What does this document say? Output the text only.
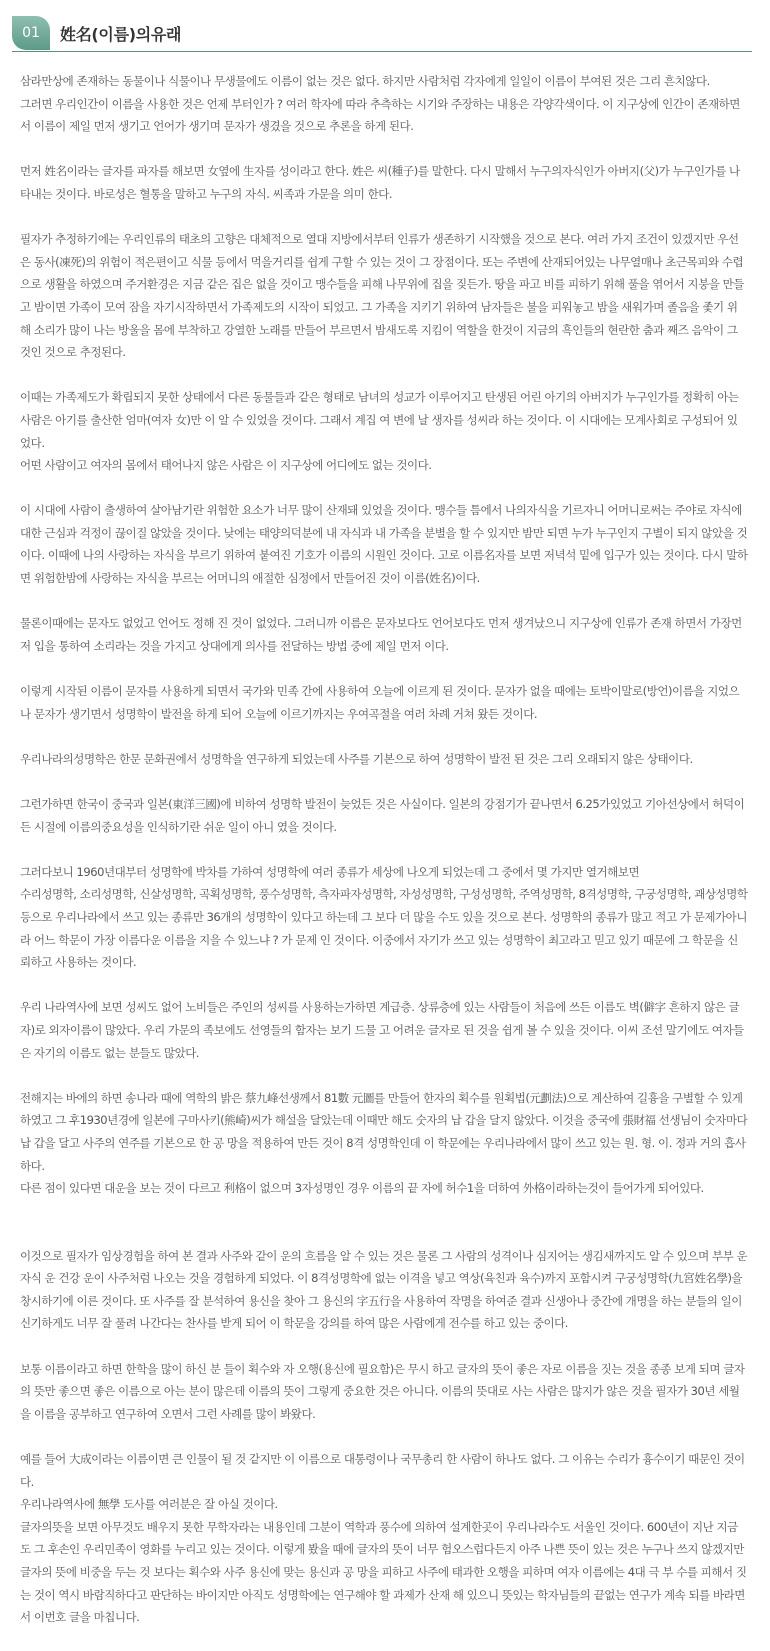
01	姓名(이름)의유래

삼라만상에 존재하는 동물이나 식물이나 무생물에도 이름이 없는 것은 없다. 하지만 사람처럼 각자에게 일일이 이름이 부여된 것은 그리 흔치않다.
그러면 우리인간이 이름을 사용한 것은 언제 부터인가 ? 여러 학자에 따라 추측하는 시기와 주장하는 내용은 각양각색이다. 이 지구상에 인간이 존재하면서 이름이 제일 먼저 생기고 언어가 생기며 문자가 생겼을 것으로 추론을 하게 된다.

먼저 姓名이라는 글자를 파자를 해보면 女옆에 生자를 성이라고 한다. 姓은 씨(種子)를 말한다. 다시 말해서 누구의자식인가 아버지(父)가 누구인가를 나타내는 것이다. 바로성은 혈통을 말하고 누구의 자식. 씨족과 가문을 의미 한다.

필자가 추정하기에는 우리인류의 태초의 고향은 대체적으로 열대 지방에서부터 인류가 생존하기 시작했을 것으로 본다. 여러 가지 조건이 있겠지만 우선은 동사(凍死)의 위험이 적은편이고 식물 등에서 먹을거리를 쉽게 구할 수 있는 것이 그 장점이다. 또는 주변에 산재되어있는 나무열매나 초근목피와 수렵으로 생활을 하였으며 주거환경은 지금 같은 집은 없을 것이고 맹수들을 피해 나무위에 집을 짖든가. 땅을 파고 비를 피하기 위해 풀을 엮어서 지붕을 만들고 밤이면 가족이 모여 잠을 자기시작하면서 가족제도의 시작이 되었고. 그 가족을 지키기 위하여 남자들은 불을 피워놓고 밤을 새워가며 졸음을 좇기 위해 소리가 많이 나는 방울을 몸에 부착하고 강열한 노래를 만들어 부르면서 밤새도록 지킴이 역할을 한것이 지금의 흑인들의 현란한 춤과 째즈 음악이 그것인 것으로 추정된다.

이때는 가족제도가 확립되지 못한 상태에서 다른 동물들과 같은 형태로 남녀의 성교가 이루어지고 탄생된 어린 아기의 아버지가 누구인가를 정확히 아는 사람은 아기를 출산한 엄마(여자 女)만 이 알 수 있었을 것이다. 그래서 계집 여 변에 날 생자를 성씨라 하는 것이다. 이 시대에는 모계사회로 구성되어 있었다.
어떤 사람이고 여자의 몸에서 태어나지 않은 사람은 이 지구상에 어디에도 없는 것이다.

이 시대에 사람이 출생하여 살아남기란 위험한 요소가 너무 많이 산재돼 있었을 것이다. 맹수들 틈에서 나의자식을 기르자니 어머니로써는 주야로 자식에 대한 근심과 걱정이 끊이질 않았을 것이다. 낮에는 태양의덕분에 내 자식과 내 가족을 분별을 할 수 있지만 밤만 되면 누가 누구인지 구별이 되지 않았을 것이다. 이때에 나의 사랑하는 자식을 부르기 위하여 붙여진 기호가 이름의 시원인 것이다. 고로 이름名자를 보면 저녁석 밑에 입구가 있는 것이다. 다시 말하면 위험한밤에 사랑하는 자식을 부르는 어머니의 애절한 심정에서 만들어진 것이 이름(姓名)이다.

물론이때에는 문자도 없었고 언어도 정해 진 것이 없었다. 그러니까 이름은 문자보다도 언어보다도 먼저 생겨났으니 지구상에 인류가 존재 하면서 가장먼저 입을 통하여 소리라는 것을 가지고 상대에게 의사를 전달하는 방법 중에 제일 먼저 이다.

이렇게 시작된 이름이 문자를 사용하게 되면서 국가와 민족 간에 사용하여 오늘에 이르게 된 것이다. 문자가 없을 때에는 토박이말로(방언)이름을 지었으나 문자가 생기면서 성명학이 발전을 하게 되어 오늘에 이르기까지는 우여곡절을 여러 차례 거쳐 왔든 것이다.

우리나라의성명학은 한문 문화권에서 성명학을 연구하게 되었는데 사주를 기본으로 하여 성명학이 발전 된 것은 그리 오래되지 않은 상태이다.

그런가하면 한국이 중국과 일본(東洋三國)에 비하여 성명학 발전이 늦었든 것은 사실이다. 일본의 강점기가 끝나면서 6.25가있었고 기아선상에서 허덕이든 시절에 이름의중요성을 인식하기란 쉬운 일이 아니 였을 것이다.

그러다보니 1960년대부터 성명학에 박차를 가하여 성명학에 여러 종류가 세상에 나오게 되었는데 그 중에서 몇 가지만 열거해보면
수리성명학, 소리성명학, 신살성명학, 곡획성명학, 풍수성명학, 측자파자성명학, 자성성명학, 구성성명학, 주역성명학, 8격성명학, 구궁성명학, 괘상성명학 등으로 우리나라에서 쓰고 있는 종류만 36개의 성명학이 있다고 하는데 그 보다 더 많을 수도 있을 것으로 본다. 성명학의 종류가 많고 적고 가 문제가아니라 어느 학문이 가장 이름다운 이름을 지을 수 있느냐 ? 가 문제 인 것이다. 이중에서 자기가 쓰고 있는 성명학이 최고라고 믿고 있기 때문에 그 학문을 신뢰하고 사용하는 것이다.

우리 나라역사에 보면 성씨도 없어 노비들은 주인의 성씨를 사용하는가하면 계급층. 상류층에 있는 사람들이 처음에 쓰든 이름도 벽(僻字 흔하지 않은 글자)로 외자이름이 많았다. 우리 가문의 족보에도 선영들의 함자는 보기 드물 고 어려운 글자로 된 것을 쉽게 볼 수 있을 것이다. 이씨 조선 말기에도 여자들은 자기의 이름도 없는 분들도 많았다.

전해지는 바에의 하면 송나라 때에 역학의 밝은 蔡九峰선생께서 81數 元圖를 만들어 한자의 획수를 원획법(元劃法)으로 계산하여 길흉을 구별할 수 있게 하였고 그 후1930년경에 일본에 구마사키(熊崎)씨가 해설을 달았는데 이때만 해도 숫자의 납 갑을 달지 않았다. 이것을 중국에 張財福 선생님이 숫자마다 납 갑을 달고 사주의 연주를 기본으로 한 공 망을 적용하여 만든 것이 8격 성명학인데 이 학문에는 우리나라에서 많이 쓰고 있는 원. 형. 이. 정과 거의 흡사하다.
다른 점이 있다면 대운을 보는 것이 다르고 利格이 없으며 3자성명인 경우 이름의 끝 자에 허수1을 더하여 外格이라하는것이 들어가게 되어있다.

이것으로 필자가 임상경험을 하여 본 결과 사주와 같이 운의 흐름을 알 수 있는 것은 물론 그 사람의 성격이나 심지어는 생김새까지도 알 수 있으며 부부 운 자식 운 건강 운이 사주처럼 나오는 것을 경험하게 되었다. 이 8격성명학에 없는 이격을 넣고 역상(육친과 육수)까지 포함시켜 구궁성명학(九宮姓名學)을 창시하기에 이른 것이다. 또 사주를 잘 분석하여 용신을 찾아 그 용신의 字五行을 사용하여 작명을 하여준 결과 신생아나 중간에 개명을 하는 분들의 일이 신기하게도 너무 잘 풀려 나간다는 찬사를 받게 되어 이 학문을 강의를 하여 많은 사람에게 전수를 하고 있는 중이다.

보통 이름이라고 하면 한학을 많이 하신 분 들이 획수와 자 오행(용신에 필요함)은 무시 하고 글자의 뜻이 좋은 자로 이름을 짓는 것을 종종 보게 되며 글자의 뜻만 좋으면 좋은 이름으로 아는 분이 많은데 이름의 뜻이 그렇게 중요한 것은 아니다. 이름의 뜻대로 사는 사람은 많지가 않은 것을 필자가 30년 세월을 이름을 공부하고 연구하여 오면서 그런 사례를 많이 봐왔다.

예를 들어 大成이라는 이름이면 큰 인물이 될 것 같지만 이 이름으로 대통령이나 국무총리 한 사람이 하나도 없다. 그 이유는 수리가 흉수이기 때문인 것이다.
우리나라역사에 無學 도사를 여러분은 잘 아실 것이다.
글자의뜻을 보면 아무것도 배우지 못한 무학자라는 내용인데 그분이 역학과 풍수에 의하여 설계한곳이 우리나라수도 서울인 것이다. 600년이 지난 지금도 그 후손인 우리민족이 영화를 누리고 있는 것이다. 이렇게 봤을 때에 글자의 뜻이 너무 험오스럽다든지 아주 나쁜 뜻이 있는 것은 누구나 쓰지 않겠지만 글자의 뜻에 비중을 두는 것 보다는 획수와 사주 용신에 맞는 용신과 공 망을 피하고 사주에 태과한 오행을 피하며 여자 이름에는 4대 극 부 수를 피해서 짓는 것이 역시 바람직하다고 판단하는 바이지만 아직도 성명학에는 연구해야 할 과제가 산재 해 있으니 뜻있는 학자님들의 끝없는 연구가 계속 되를 바라면서 이번호 글을 마칩니다.
